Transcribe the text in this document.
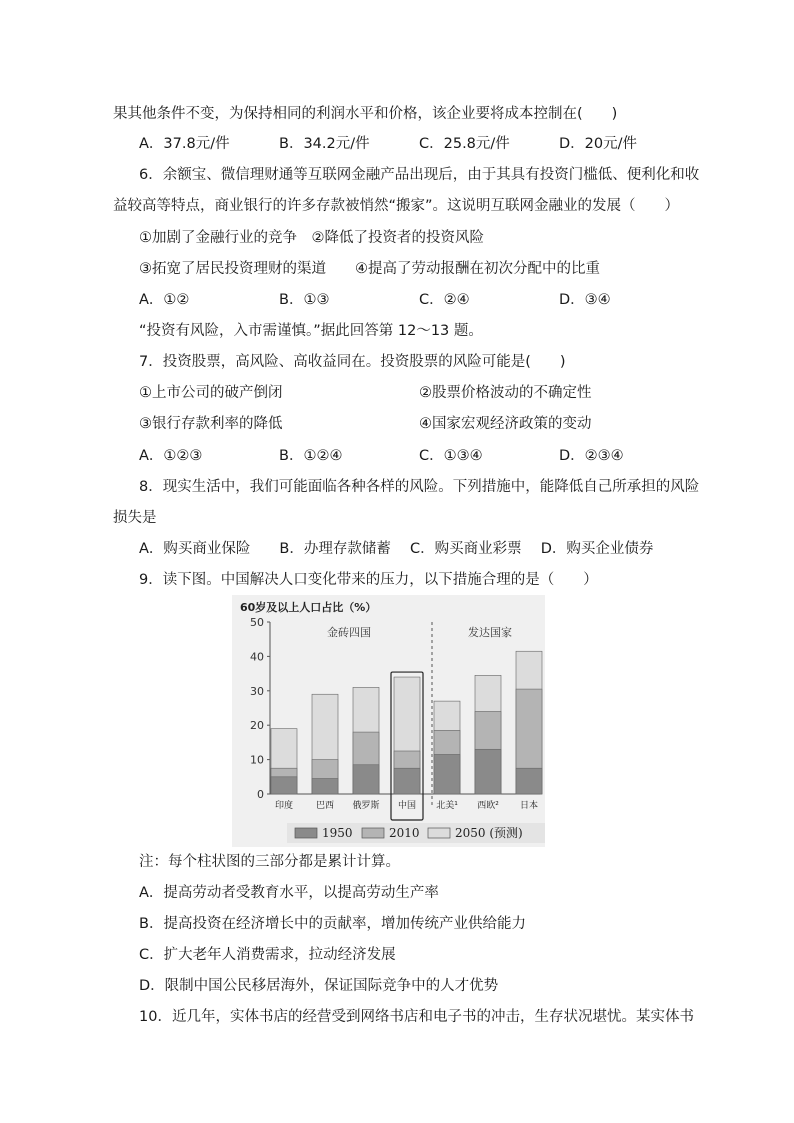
果其他条件不变，为保持相同的利润水平和价格，该企业要将成本控制在(　　)
A．37.8元/件	B．34.2元/件	C．25.8元/件	D．20元/件
6．余额宝、微信理财通等互联网金融产品出现后，由于其具有投资门槛低、便利化和收
益较高等特点，商业银行的许多存款被悄然“搬家”。这说明互联网金融业的发展（　　）
①加剧了金融行业的竞争　②降低了投资者的投资风险
③拓宽了居民投资理财的渠道　　④提高了劳动报酬在初次分配中的比重
A．①②	B．①③	C．②④	D．③④
“投资有风险，入市需谨慎。”据此回答第 12～13 题。
7．投资股票，高风险、高收益同在。投资股票的风险可能是(　　)
①上市公司的破产倒闭	②股票价格波动的不确定性
③银行存款利率的降低	④国家宏观经济政策的变动
A．①②③	B．①②④	C．①③④	D．②③④
8．现实生活中，我们可能面临各种各样的风险。下列措施中，能降低自己所承担的风险
损失是
A．购买商业保险　　B．办理存款储蓄　 C．购买商业彩票　 D．购买企业债券
9．读下图。中国解决人口变化带来的压力，以下措施合理的是（　　）
60岁及以上人口占比（%）
0
10
20
30
40
50
印度	巴西 俄罗斯 中国 北美¹ 西欧² 日本
金砖四国	发达国家
1950	2010	2050 (预测)
注：每个柱状图的三部分都是累计计算。
A．提高劳动者受教育水平，以提高劳动生产率
B．提高投资在经济增长中的贡献率，增加传统产业供给能力
C．扩大老年人消费需求，拉动经济发展
D．限制中国公民移居海外，保证国际竞争中的人才优势
10．近几年，实体书店的经营受到网络书店和电子书的冲击，生存状况堪忧。某实体书
